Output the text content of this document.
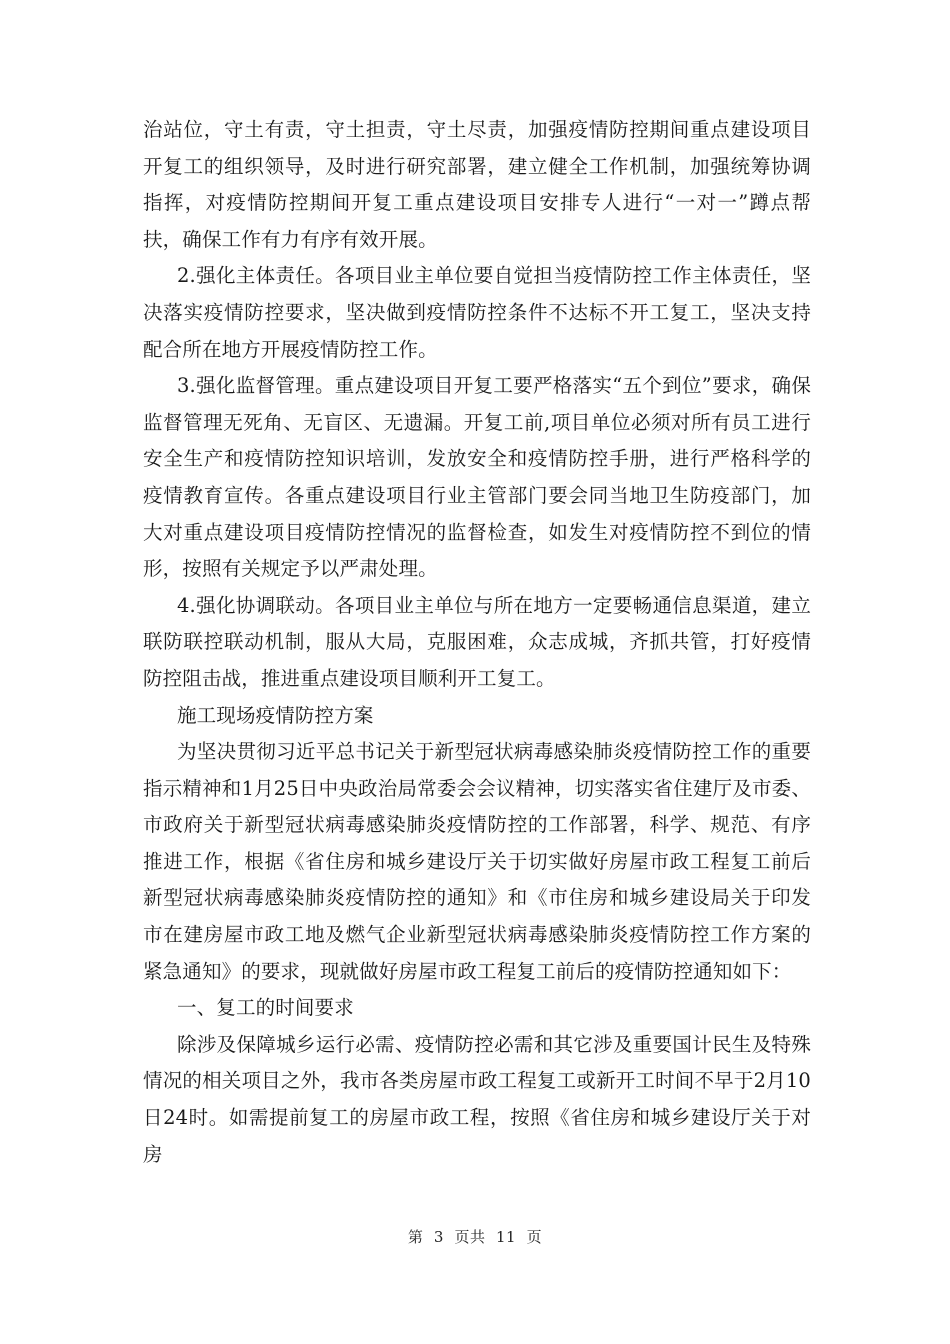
治站位，守土有责，守土担责，守土尽责，加强疫情防控期间重点建设项目开复工的组织领导，及时进行研究部署，建立健全工作机制，加强统筹协调指挥，对疫情防控期间开复工重点建设项目安排专人进行“一对一”蹲点帮扶，确保工作有力有序有效开展。

2.强化主体责任。各项目业主单位要自觉担当疫情防控工作主体责任，坚决落实疫情防控要求，坚决做到疫情防控条件不达标不开工复工，坚决支持配合所在地方开展疫情防控工作。

3.强化监督管理。重点建设项目开复工要严格落实“五个到位”要求，确保监督管理无死角、无盲区、无遗漏。开复工前,项目单位必须对所有员工进行安全生产和疫情防控知识培训，发放安全和疫情防控手册，进行严格科学的疫情教育宣传。各重点建设项目行业主管部门要会同当地卫生防疫部门，加大对重点建设项目疫情防控情况的监督检查，如发生对疫情防控不到位的情形，按照有关规定予以严肃处理。

4.强化协调联动。各项目业主单位与所在地方一定要畅通信息渠道，建立联防联控联动机制，服从大局，克服困难，众志成城，齐抓共管，打好疫情防控阻击战，推进重点建设项目顺利开工复工。

施工现场疫情防控方案

为坚决贯彻习近平总书记关于新型冠状病毒感染肺炎疫情防控工作的重要指示精神和1月25日中央政治局常委会会议精神，切实落实省住建厅及市委、市政府关于新型冠状病毒感染肺炎疫情防控的工作部署，科学、规范、有序推进工作，根据《省住房和城乡建设厅关于切实做好房屋市政工程复工前后新型冠状病毒感染肺炎疫情防控的通知》和《市住房和城乡建设局关于印发市在建房屋市政工地及燃气企业新型冠状病毒感染肺炎疫情防控工作方案的紧急通知》的要求，现就做好房屋市政工程复工前后的疫情防控通知如下：

一、复工的时间要求

除涉及保障城乡运行必需、疫情防控必需和其它涉及重要国计民生及特殊情况的相关项目之外，我市各类房屋市政工程复工或新开工时间不早于2月10日24时。如需提前复工的房屋市政工程，按照《省住房和城乡建设厅关于对房

第  3  页共  11  页
